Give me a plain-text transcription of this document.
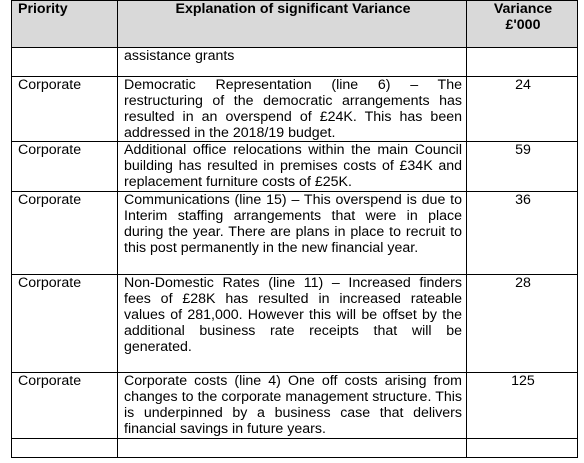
Priority	Explanation of significant Variance	Variance
£'000
	assistance grants	
Corporate	Democratic Representation (line 6) – The restructuring of the democratic arrangements has resulted in an overspend of £24K. This has been addressed in the 2018/19 budget.	24
Corporate	Additional office relocations within the main Council building has resulted in premises costs of £34K and replacement furniture costs of £25K.	59
Corporate	Communications (line 15) – This overspend is due to Interim staffing arrangements that were in place during the year. There are plans in place to recruit to this post permanently in the new financial year.	36
Corporate	Non-Domestic Rates (line 11) – Increased finders fees of £28K has resulted in increased rateable values of 281,000. However this will be offset by the additional business rate receipts that will be generated.	28
Corporate	Corporate costs (line 4) One off costs arising from changes to the corporate management structure. This is underpinned by a business case that delivers financial savings in future years.	125
